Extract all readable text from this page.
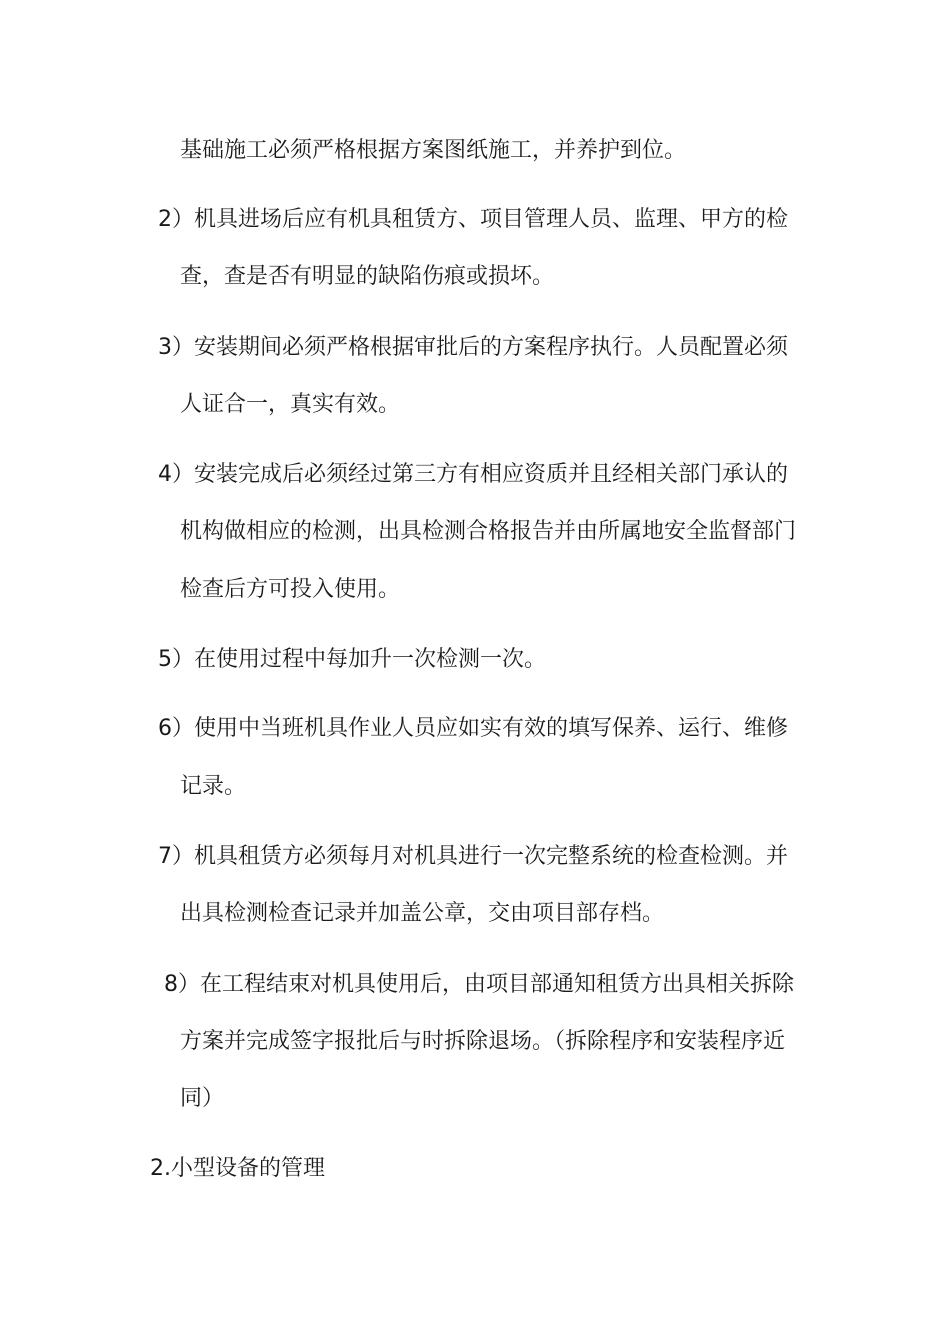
基础施工必须严格根据方案图纸施工，并养护到位。
2）机具进场后应有机具租赁方、项目管理人员、监理、甲方的检
查，查是否有明显的缺陷伤痕或损坏。
3）安装期间必须严格根据审批后的方案程序执行。人员配置必须
人证合一，真实有效。
4）安装完成后必须经过第三方有相应资质并且经相关部门承认的
机构做相应的检测，出具检测合格报告并由所属地安全监督部门
检查后方可投入使用。
5）在使用过程中每加升一次检测一次。
6）使用中当班机具作业人员应如实有效的填写保养、运行、维修
记录。
7）机具租赁方必须每月对机具进行一次完整系统的检查检测。并
出具检测检查记录并加盖公章，交由项目部存档。
8）在工程结束对机具使用后，由项目部通知租赁方出具相关拆除
方案并完成签字报批后与时拆除退场。（拆除程序和安装程序近
同）
2.小型设备的管理
